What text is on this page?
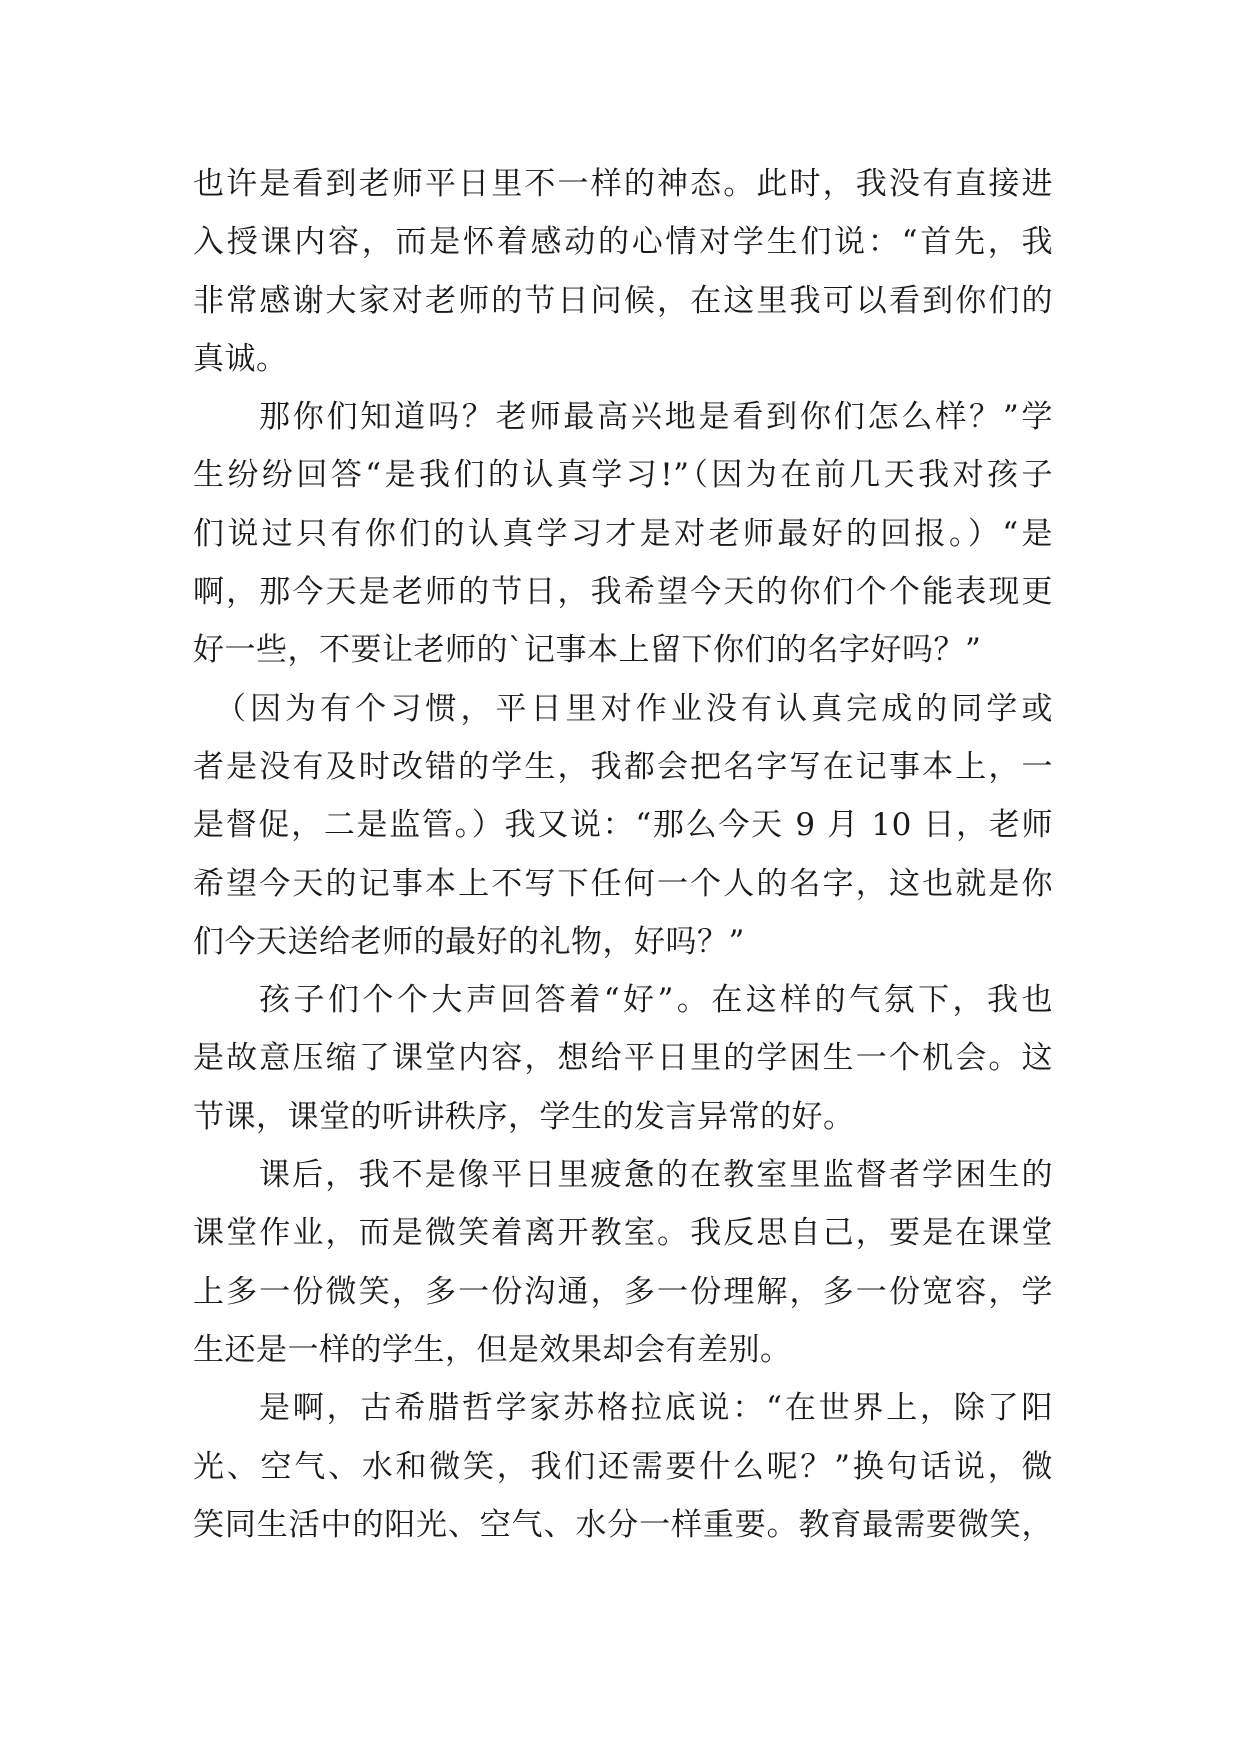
也许是看到老师平日里不一样的神态。此时，我没有直接进
入授课内容，而是怀着感动的心情对学生们说：“首先，我
非常感谢大家对老师的节日问候，在这里我可以看到你们的
真诚。
那你们知道吗？老师最高兴地是看到你们怎么样？”学
生纷纷回答“是我们的认真学习!”（因为在前几天我对孩子
们说过只有你们的认真学习才是对老师最好的回报。）“是
啊，那今天是老师的节日，我希望今天的你们个个能表现更
好一些，不要让老师的`记事本上留下你们的名字好吗？”
（因为有个习惯，平日里对作业没有认真完成的同学或
者是没有及时改错的学生，我都会把名字写在记事本上，一
是督促，二是监管。）我又说：“那么今天 9 月 10 日，老师
希望今天的记事本上不写下任何一个人的名字，这也就是你
们今天送给老师的最好的礼物，好吗？”
孩子们个个大声回答着“好”。在这样的气氛下，我也
是故意压缩了课堂内容，想给平日里的学困生一个机会。这
节课，课堂的听讲秩序，学生的发言异常的好。
课后，我不是像平日里疲惫的在教室里监督者学困生的
课堂作业，而是微笑着离开教室。我反思自己，要是在课堂
上多一份微笑，多一份沟通，多一份理解，多一份宽容，学
生还是一样的学生，但是效果却会有差别。
是啊，古希腊哲学家苏格拉底说：“在世界上，除了阳
光、空气、水和微笑，我们还需要什么呢？”换句话说，微
笑同生活中的阳光、空气、水分一样重要。教育最需要微笑，
